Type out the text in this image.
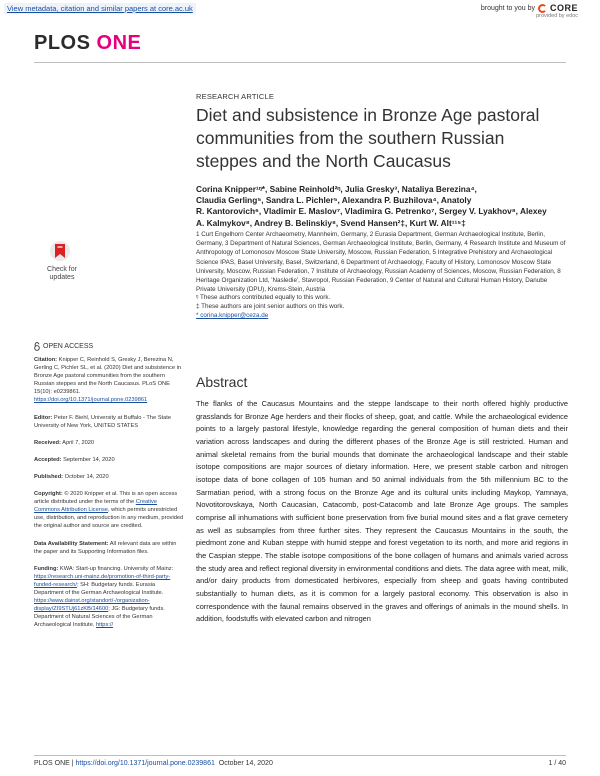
View metadata, citation and similar papers at core.ac.uk	brought to you by CORE
provided by edoc
PLOS ONE
RESEARCH ARTICLE
Diet and subsistence in Bronze Age pastoral communities from the southern Russian steppes and the North Caucasus
Corina Knipper¹ᵑ*, Sabine Reinhold²ᵑ, Julia Gresky³, Nataliya Berezina⁴,
Claudia Gerling⁵, Sandra L. Pichler⁵, Alexandra P. Buzhilova⁴, Anatoly
R. Kantorovich⁶, Vladimir E. Maslov⁷, Vladimira G. Petrenko⁷, Sergey V. Lyakhov⁸, Alexey
A. Kalmykov⁸, Andrey B. Belinskiy⁸, Svend Hansen²‡, Kurt W. Alt¹¹⁵‡
1 Curt Engelhorn Center Archaeometry, Mannheim, Germany, 2 Eurasia Department, German Archaeological Institute, Berlin, Germany, 3 Department of Natural Sciences, German Archaeological Institute, Berlin, Germany, 4 Research Institute and Museum of Anthropology of Lomonosov Moscow State University, Moscow, Russian Federation, 5 Integrative Prehistory and Archaeological Science IPAS, Basel University, Basel, Switzerland, 6 Department of Archaeology, Faculty of History, Lomonosov Moscow State University, Moscow, Russian Federation, 7 Institute of Archaeology, Russian Academy of Sciences, Moscow, Russian Federation, 8 Heritage Organization Ltd, 'Nasledie', Stavropol, Russian Federation, 9 Center of Natural and Cultural Human History, Danube Private University (DPU), Krems-Stein, Austria
ᵑ These authors contributed equally to this work.
‡ These authors are joint senior authors on this work.
* corina.knipper@ceza.de
Abstract
The flanks of the Caucasus Mountains and the steppe landscape to their north offered highly productive grasslands for Bronze Age herders and their flocks of sheep, goat, and cattle. While the archaeological evidence points to a largely pastoral lifestyle, knowledge regarding the general composition of human diets and their variation across landscapes and during the different phases of the Bronze Age is still restricted. Human and animal skeletal remains from the burial mounds that dominate the archaeological landscape and their stable isotope compositions are major sources of dietary information. Here, we present stable carbon and nitrogen isotope data of bone collagen of 105 human and 50 animal individuals from the 5th millennium BC to the Sarmatian period, with a strong focus on the Bronze Age and its cultural units including Maykop, Yamnaya, Novotitorovskaya, North Caucasian, Catacomb, post-Catacomb and late Bronze Age groups. The samples comprise all inhumations with sufficient bone preservation from five burial mound sites and a flat grave cemetery as well as subsamples from three further sites. They represent the Caucasus Mountains in the south, the piedmont zone and Kuban steppe with humid steppe and forest vegetation to its north, and more arid regions in the Caspian steppe. The stable isotope compositions of the bone collagen of humans and animals varied across the study area and reflect regional diversity in environmental conditions and diets. The data agree with meat, milk, and/or dairy products from domesticated herbivores, especially from sheep and goats having contributed substantially to human diets, as it is common for a largely pastoral economy. This observation is also in correspondence with the faunal remains observed in the graves and offerings of animals in the mound shells. In addition, foodstuffs with elevated carbon and nitrogen
Check for
updates
OPEN ACCESS

Citation: Knipper C, Reinhold S, Gresky J, Berezina N, Gerling C, Pichler SL, et al. (2020) Diet and subsistence in Bronze Age pastoral communities from the southern Russian steppes and the North Caucasus. PLoS ONE 15(10): e0239861. https://doi.org/10.1371/journal.pone.0239861

Editor: Peter F. Biehl, University at Buffalo - The State University of New York, UNITED STATES

Received: April 7, 2020

Accepted: September 14, 2020

Published: October 14, 2020

Copyright: © 2020 Knipper et al. This is an open access article distributed under the terms of the Creative Commons Attribution License, which permits unrestricted use, distribution, and reproduction in any medium, provided the original author and source are credited.

Data Availability Statement: All relevant data are within the paper and its Supporting Information files.

Funding: KWA: Start-up financing. University of Mainz: https://research.uni-mainz.de/promotion-of-third-party-funded-research/; SH: Budgetary funds. Eurasia Department of the German Archaeological Institute. https://www.dainst.org/standort/-/organization-display/ZI9STUj61zKB/14600; JG: Budgetary funds. Department of Natural Sciences of the German Archaeological Institute. https://

PLOS ONE | https://doi.org/10.1371/journal.pone.0239861 October 14, 2020	1 / 40
